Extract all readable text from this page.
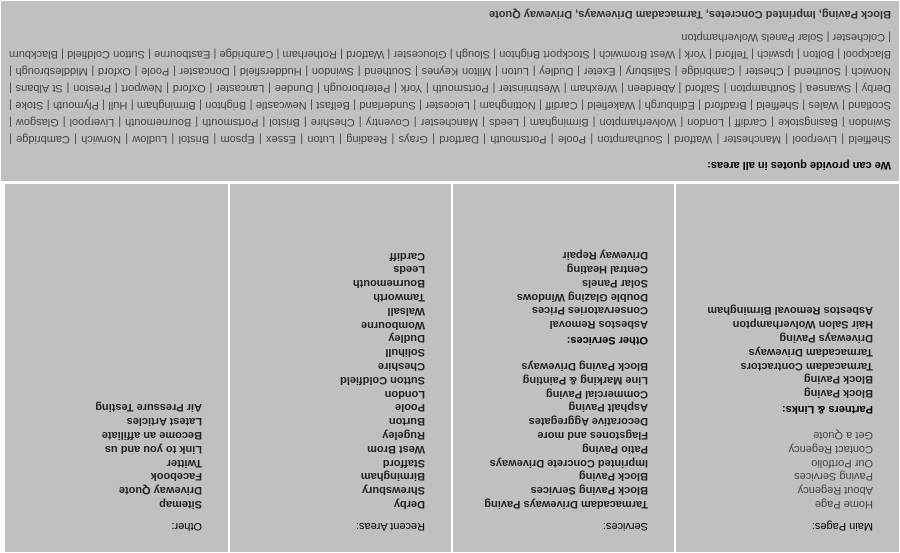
Main Pages:
Home Page
About Regency
Paving Services
Our Portfolio
Contact Regency
Get a Quote
Partners & Links:
Block Paving
Block Paving
Tarmacadam Contractors
Tarmacadam Driveways
Driveways Paving
Hair Salon Wolverhampton
Asbestos Removal Birmingham
Services:
Tarmacadam Driveways Paving
Block Paving Services
Block Paving
Imprinted Concrete Driveways
Patio Paving
Flagstones and more
Decorative Aggregates
Asphalt Paving
Commercial Paving
Line Marking & Painting
Block Paving Driveways
Other Services:
Asbestos Removal
Conservatories Prices
Double Glazing Windows
Solar Panels
Central Heating
Driveway Repair
Recent Areas:
Derby
Shrewsbury
Birmingham
Stafford
West Brom
Rugeley
Burton
Poole
London
Sutton Coldfield
Cheshire
Solihull
Dudley
Wombourne
Walsall
Tamworth
Bournemouth
Leeds
Cardiff
Other:
Sitemap
Driveway Quote
Facebook
Twitter
Link to you and us
Become an affiliate
Latest Articles
Air Pressure Testing
We can provide quotes in all areas:
Sheffield | Liverpool | Manchester | Watford | Southampton | Poole | Portsmouth | Dartford | Grays | Reading | Luton | Essex | Epsom | Bristol | Ludlow | Norwich | Cambridge | Swindon | Basingstoke | Cardiff | London | Wolverhampton | Birmingham | Leeds | Manchester | Coventry | Cheshire | Bristol | Portsmouth | Bournemouth | Liverpool | Glasgow | Scotland | Wales | Sheffield | Bradford | Edinburgh | Wakefield | Cardiff | Nottingham | Leicester | Sunderland | Belfast | Newcastle | Brighton | Birmingham | Hull | Plymouth | Stoke | Derby | Swansea | Southampton | Salford | Aberdeen | Wrexham | Westminster | Portsmouth | York | Peterborough | Dundee | Lancaster | Oxford | Newport | Preston | St Albans | Norwich | Southend | Chester | Cambridge | Salisbury | Exeter | Dudley | Luton | Milton Keynes | Southend | Swindon | Huddersfield | Doncaster | Poole | Oxford | Middlesbrough | Blackpool | Bolton | Ipswich | Telford | York | West Bromwich | Stockport Brighton | Slough | Gloucester | Watford | Rotherham | Cambridge | Eastbourne | Sutton Coldfield | Blackburn | Colchester | Solar Panels Wolverhampton
Block Paving, Imprinted Concretes, Tarmacadam Driveways, Driveway Quote
